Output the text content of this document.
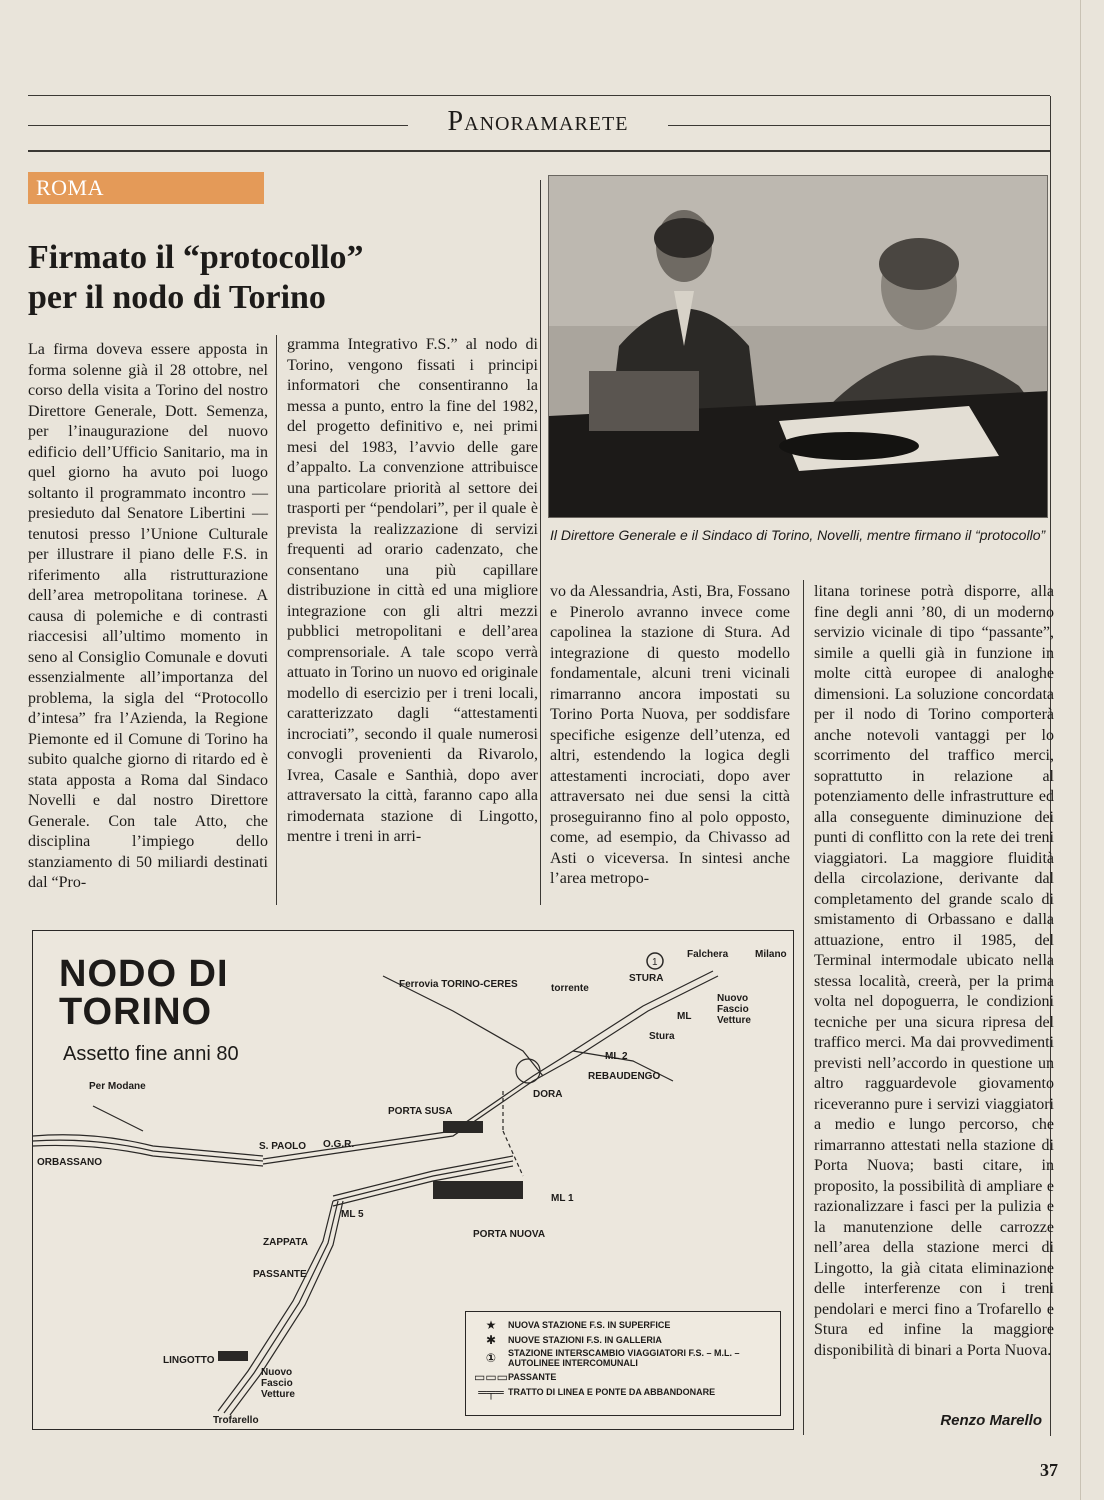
Panoramarete
ROMA
Firmato il “protocollo”
per il nodo di Torino

La firma doveva essere apposta in forma solenne già il 28 ottobre, nel corso della visita a Torino del nostro Direttore Generale, Dott. Semenza, per l’inaugurazione del nuovo edificio dell’Ufficio Sanitario, ma in quel giorno ha avuto poi luogo soltanto il programmato incontro — presieduto dal Senatore Libertini — tenutosi presso l’Unione Culturale per illustrare il piano delle F.S. in riferimento alla ristrutturazione dell’area metropolitana torinese. A causa di polemiche e di contrasti riaccesisi all’ultimo momento in seno al Consiglio Comunale e dovuti essenzialmente all’importanza del problema, la sigla del “Protocollo d’intesa” fra l’Azienda, la Regione Piemonte ed il Comune di Torino ha subito qualche giorno di ritardo ed è stata apposta a Roma dal Sindaco Novelli e dal nostro Direttore Generale. Con tale Atto, che disciplina l’impiego dello stanziamento di 50 miliardi destinati dal “Pro-

gramma Integrativo F.S.” al nodo di Torino, vengono fissati i principi informatori che consentiranno la messa a punto, entro la fine del 1982, del progetto definitivo e, nei primi mesi del 1983, l’avvio delle gare d’appalto. La convenzione attribuisce una particolare priorità al settore dei trasporti per “pendolari”, per il quale è prevista la realizzazione di servizi frequenti ad orario cadenzato, che consentano una più capillare distribuzione in città ed una migliore integrazione con gli altri mezzi pubblici metropolitani e dell’area comprensoriale. A tale scopo verrà attuato in Torino un nuovo ed originale modello di esercizio per i treni locali, caratterizzato dagli “attestamenti incrociati”, secondo il quale numerosi convogli provenienti da Rivarolo, Ivrea, Casale e Santhià, dopo aver attraversato la città, faranno capo alla rimodernata stazione di Lingotto, mentre i treni in arri-

Il Direttore Generale e il Sindaco di Torino, Novelli, mentre firmano il “protocollo”

vo da Alessandria, Asti, Bra, Fossano e Pinerolo avranno invece come capolinea la stazione di Stura. Ad integrazione di questo modello fondamentale, alcuni treni vicinali rimarranno ancora impostati su Torino Porta Nuova, per soddisfare specifiche esigenze dell’utenza, ed altri, estendendo la logica degli attestamenti incrociati, dopo aver attraversato nei due sensi la città proseguiranno fino al polo opposto, come, ad esempio, da Chivasso ad Asti o viceversa. In sintesi anche l’area metropo-

litana torinese potrà disporre, alla fine degli anni ’80, di un moderno servizio vicinale di tipo “passante”, simile a quelli già in funzione in molte città europee di analoghe dimensioni. La soluzione concordata per il nodo di Torino comporterà anche notevoli vantaggi per lo scorrimento del traffico merci, soprattutto in relazione al potenziamento delle infrastrutture ed alla conseguente diminuzione dei punti di conflitto con la rete dei treni viaggiatori. La maggiore fluidità della circolazione, derivante dal completamento del grande scalo di smistamento di Orbassano e dalla attuazione, entro il 1985, del Terminal intermodale ubicato nella stessa località, creerà, per la prima volta nel dopoguerra, le condizioni tecniche per una sicura ripresa del traffico merci. Ma dai provvedimenti previsti nell’accordo in questione un altro ragguardevole giovamento riceveranno pure i servizi viaggiatori a medio e lungo percorso, che rimarranno attestati nella stazione di Porta Nuova; basti citare, in proposito, la possibilità di ampliare e razionalizzare i fasci per la pulizia e la manutenzione delle carrozze nell’area della stazione merci di Lingotto, la già citata eliminazione delle interferenze con i treni pendolari e merci fino a Trofarello e Stura ed infine la maggiore disponibilità di binari a Porta Nuova.

NODO DI
TORINO
Assetto fine anni 80
1
Per Modane
ORBASSANO
S. PAOLO O.G.R.
PORTA SUSA
DORA
REBAUDENGO
ML 2
ML 1
ML 5
ML
PORTA NUOVA
ZAPPATA
PASSANTE
LINGOTTO
Nuovo Fascio Vetture
Trofarello
Ferrovia TORINO-CERES	torrente
Stura
STURA
Falchera	Milano
Nuovo Fascio Vetture
★	NUOVA STAZIONE F.S. IN SUPERFICE
✱	NUOVE STAZIONI F.S. IN GALLERIA
①	STAZIONE INTERSCAMBIO VIAGGIATORI F.S. – M.L. – AUTOLINEE INTERCOMUNALI
▭▭▭ PASSANTE
═╤═ TRATTO DI LINEA E PONTE DA ABBANDONARE
Renzo Marello
37
